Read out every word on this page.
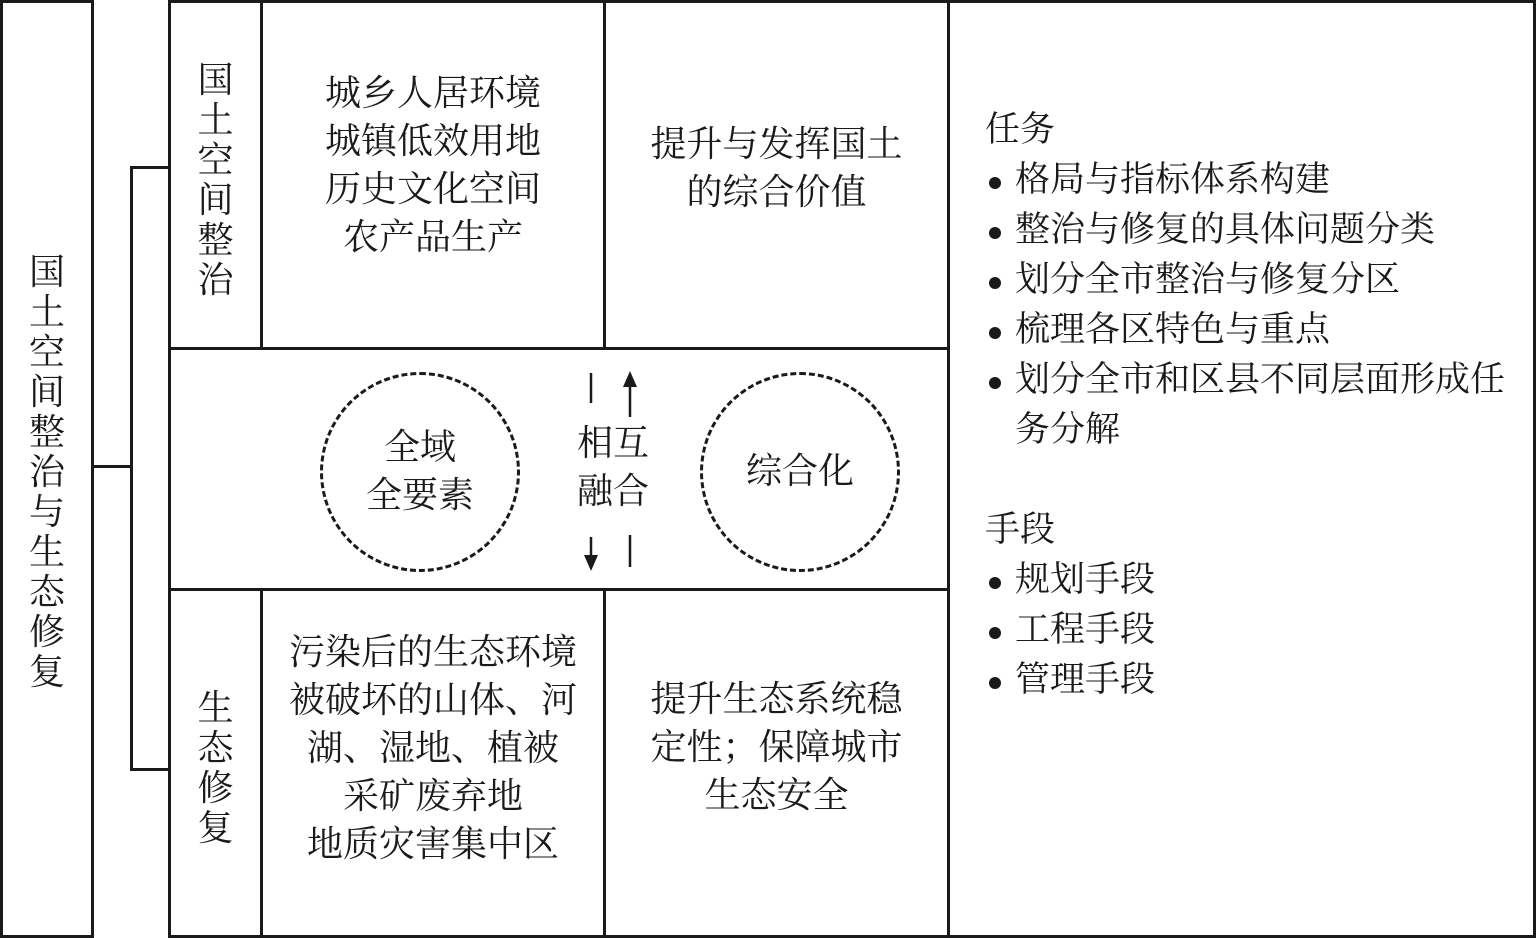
国
土
空
间
整
治
与
生
态
修
复
国
土
空
间
整
治
城乡人居环境
城镇低效用地
历史文化空间
农产品生产
提升与发挥国土
的综合价值
全域
全要素
综合化
相互
融合
生
态
修
复
污染后的生态环境
被破坏的山体、河
湖、湿地、植被
采矿废弃地
地质灾害集中区
提升生态系统稳
定性；保障城市
生态安全
任务
格局与指标体系构建
整治与修复的具体问题分类
划分全市整治与修复分区
梳理各区特色与重点
划分全市和区县不同层面形成任务分解
手段
规划手段
工程手段
管理手段
